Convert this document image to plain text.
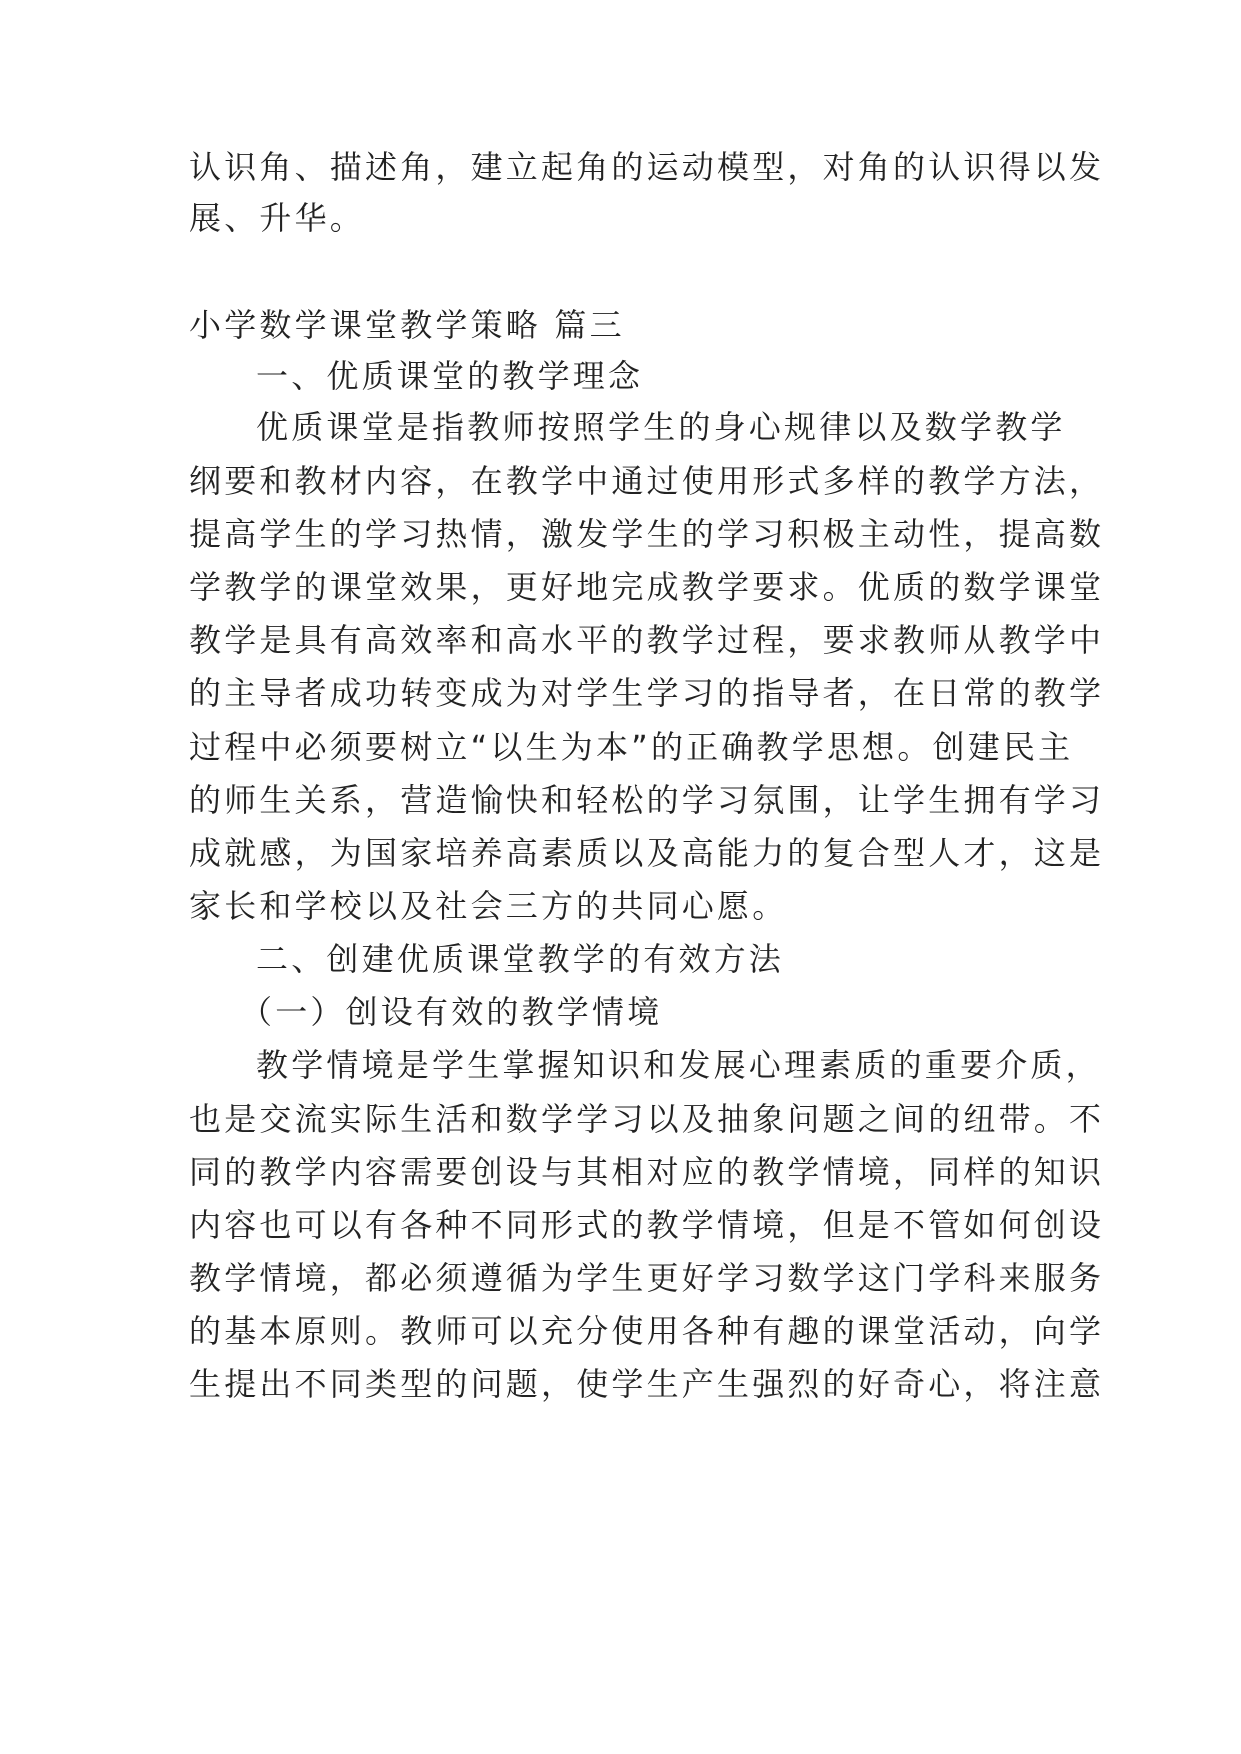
认识角、描述角，建立起角的运动模型，对角的认识得以发
展、升华。
小学数学课堂教学策略 篇三
一、优质课堂的教学理念
优质课堂是指教师按照学生的身心规律以及数学教学
纲要和教材内容，在教学中通过使用形式多样的教学方法，
提高学生的学习热情，激发学生的学习积极主动性，提高数
学教学的课堂效果，更好地完成教学要求。优质的数学课堂
教学是具有高效率和高水平的教学过程，要求教师从教学中
的主导者成功转变成为对学生学习的指导者，在日常的教学
过程中必须要树立“以生为本”的正确教学思想。创建民主
的师生关系，营造愉快和轻松的学习氛围，让学生拥有学习
成就感，为国家培养高素质以及高能力的复合型人才，这是
家长和学校以及社会三方的共同心愿。
二、创建优质课堂教学的有效方法
（一）创设有效的教学情境
教学情境是学生掌握知识和发展心理素质的重要介质，
也是交流实际生活和数学学习以及抽象问题之间的纽带。不
同的教学内容需要创设与其相对应的教学情境，同样的知识
内容也可以有各种不同形式的教学情境，但是不管如何创设
教学情境，都必须遵循为学生更好学习数学这门学科来服务
的基本原则。教师可以充分使用各种有趣的课堂活动，向学
生提出不同类型的问题，使学生产生强烈的好奇心，将注意
